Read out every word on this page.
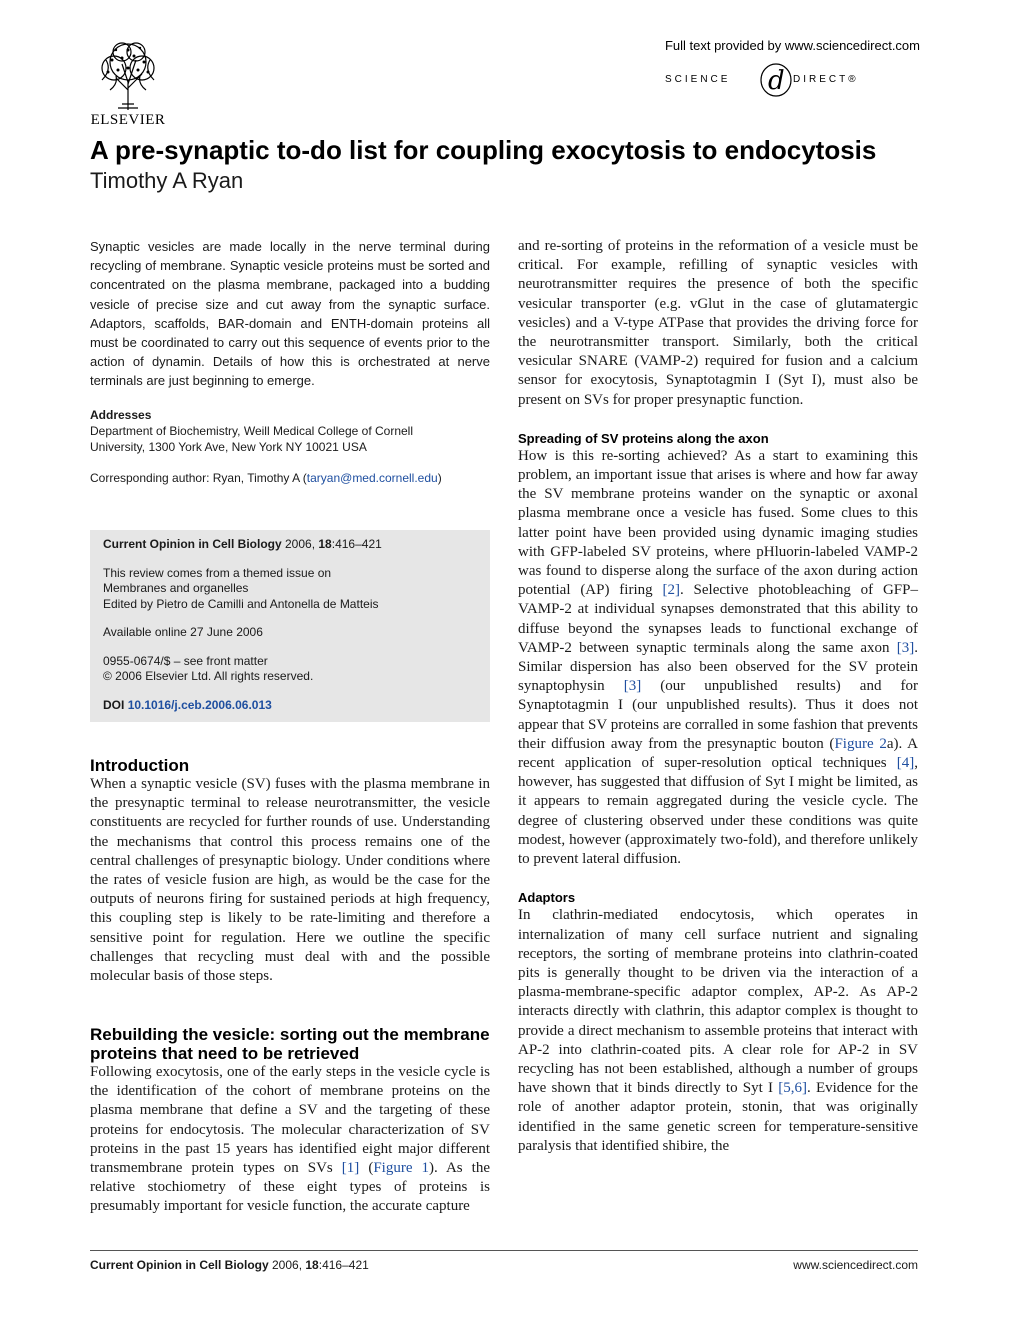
ELSEVIER
Full text provided by www.sciencedirect.com
SCIENCE d DIRECT®
A pre-synaptic to-do list for coupling exocytosis to endocytosis
Timothy A Ryan

Synaptic vesicles are made locally in the nerve terminal during recycling of membrane. Synaptic vesicle proteins must be sorted and concentrated on the plasma membrane, packaged into a budding vesicle of precise size and cut away from the synaptic surface. Adaptors, scaffolds, BAR-domain and ENTH-domain proteins all must be coordinated to carry out this sequence of events prior to the action of dynamin. Details of how this is orchestrated at nerve terminals are just beginning to emerge.

Addresses

Department of Biochemistry, Weill Medical College of Cornell

University, 1300 York Ave, New York NY 10021 USA

Corresponding author: Ryan, Timothy A (taryan@med.cornell.edu)

Current Opinion in Cell Biology 2006, 18:416–421

This review comes from a themed issue on

Membranes and organelles

Edited by Pietro de Camilli and Antonella de Matteis

Available online 27 June 2006

0955-0674/$ – see front matter

© 2006 Elsevier Ltd. All rights reserved.

DOI 10.1016/j.ceb.2006.06.013

Introduction

When a synaptic vesicle (SV) fuses with the plasma membrane in the presynaptic terminal to release neurotransmitter, the vesicle constituents are recycled for further rounds of use. Understanding the mechanisms that control this process remains one of the central challenges of presynaptic biology. Under conditions where the rates of vesicle fusion are high, as would be the case for the outputs of neurons firing for sustained periods at high frequency, this coupling step is likely to be rate-limiting and therefore a sensitive point for regulation. Here we outline the specific challenges that recycling must deal with and the possible molecular basis of those steps.

Rebuilding the vesicle: sorting out the membrane proteins that need to be retrieved

Following exocytosis, one of the early steps in the vesicle cycle is the identification of the cohort of membrane proteins on the plasma membrane that define a SV and the targeting of these proteins for endocytosis. The molecular characterization of SV proteins in the past 15 years has identified eight major different transmembrane protein types on SVs [1] (Figure 1). As the relative stochiometry of these eight types of proteins is presumably important for vesicle function, the accurate capture

and re-sorting of proteins in the reformation of a vesicle must be critical. For example, refilling of synaptic vesicles with neurotransmitter requires the presence of both the specific vesicular transporter (e.g. vGlut in the case of glutamatergic vesicles) and a V-type ATPase that provides the driving force for the neurotransmitter transport. Similarly, both the critical vesicular SNARE (VAMP-2) required for fusion and a calcium sensor for exocytosis, Synaptotagmin I (Syt I), must also be present on SVs for proper presynaptic function.

Spreading of SV proteins along the axon

How is this re-sorting achieved? As a start to examining this problem, an important issue that arises is where and how far away the SV membrane proteins wander on the synaptic or axonal plasma membrane once a vesicle has fused. Some clues to this latter point have been provided using dynamic imaging studies with GFP-labeled SV proteins, where pHluorin-labeled VAMP-2 was found to disperse along the surface of the axon during action potential (AP) firing [2]. Selective photobleaching of GFP–VAMP-2 at individual synapses demonstrated that this ability to diffuse beyond the synapses leads to functional exchange of VAMP-2 between synaptic terminals along the same axon [3]. Similar dispersion has also been observed for the SV protein synaptophysin [3] (our unpublished results) and for Synaptotagmin I (our unpublished results). Thus it does not appear that SV proteins are corralled in some fashion that prevents their diffusion away from the presynaptic bouton (Figure 2a). A recent application of super-resolution optical techniques [4], however, has suggested that diffusion of Syt I might be limited, as it appears to remain aggregated during the vesicle cycle. The degree of clustering observed under these conditions was quite modest, however (approximately two-fold), and therefore unlikely to prevent lateral diffusion.

Adaptors

In clathrin-mediated endocytosis, which operates in internalization of many cell surface nutrient and signaling receptors, the sorting of membrane proteins into clathrin-coated pits is generally thought to be driven via the interaction of a plasma-membrane-specific adaptor complex, AP-2. As AP-2 interacts directly with clathrin, this adaptor complex is thought to provide a direct mechanism to assemble proteins that interact with AP-2 into clathrin-coated pits. A clear role for AP-2 in SV recycling has not been established, although a number of groups have shown that it binds directly to Syt I [5,6]. Evidence for the role of another adaptor protein, stonin, that was originally identified in the same genetic screen for temperature-sensitive paralysis that identified shibire, the

Current Opinion in Cell Biology 2006, 18:416–421	www.sciencedirect.com
